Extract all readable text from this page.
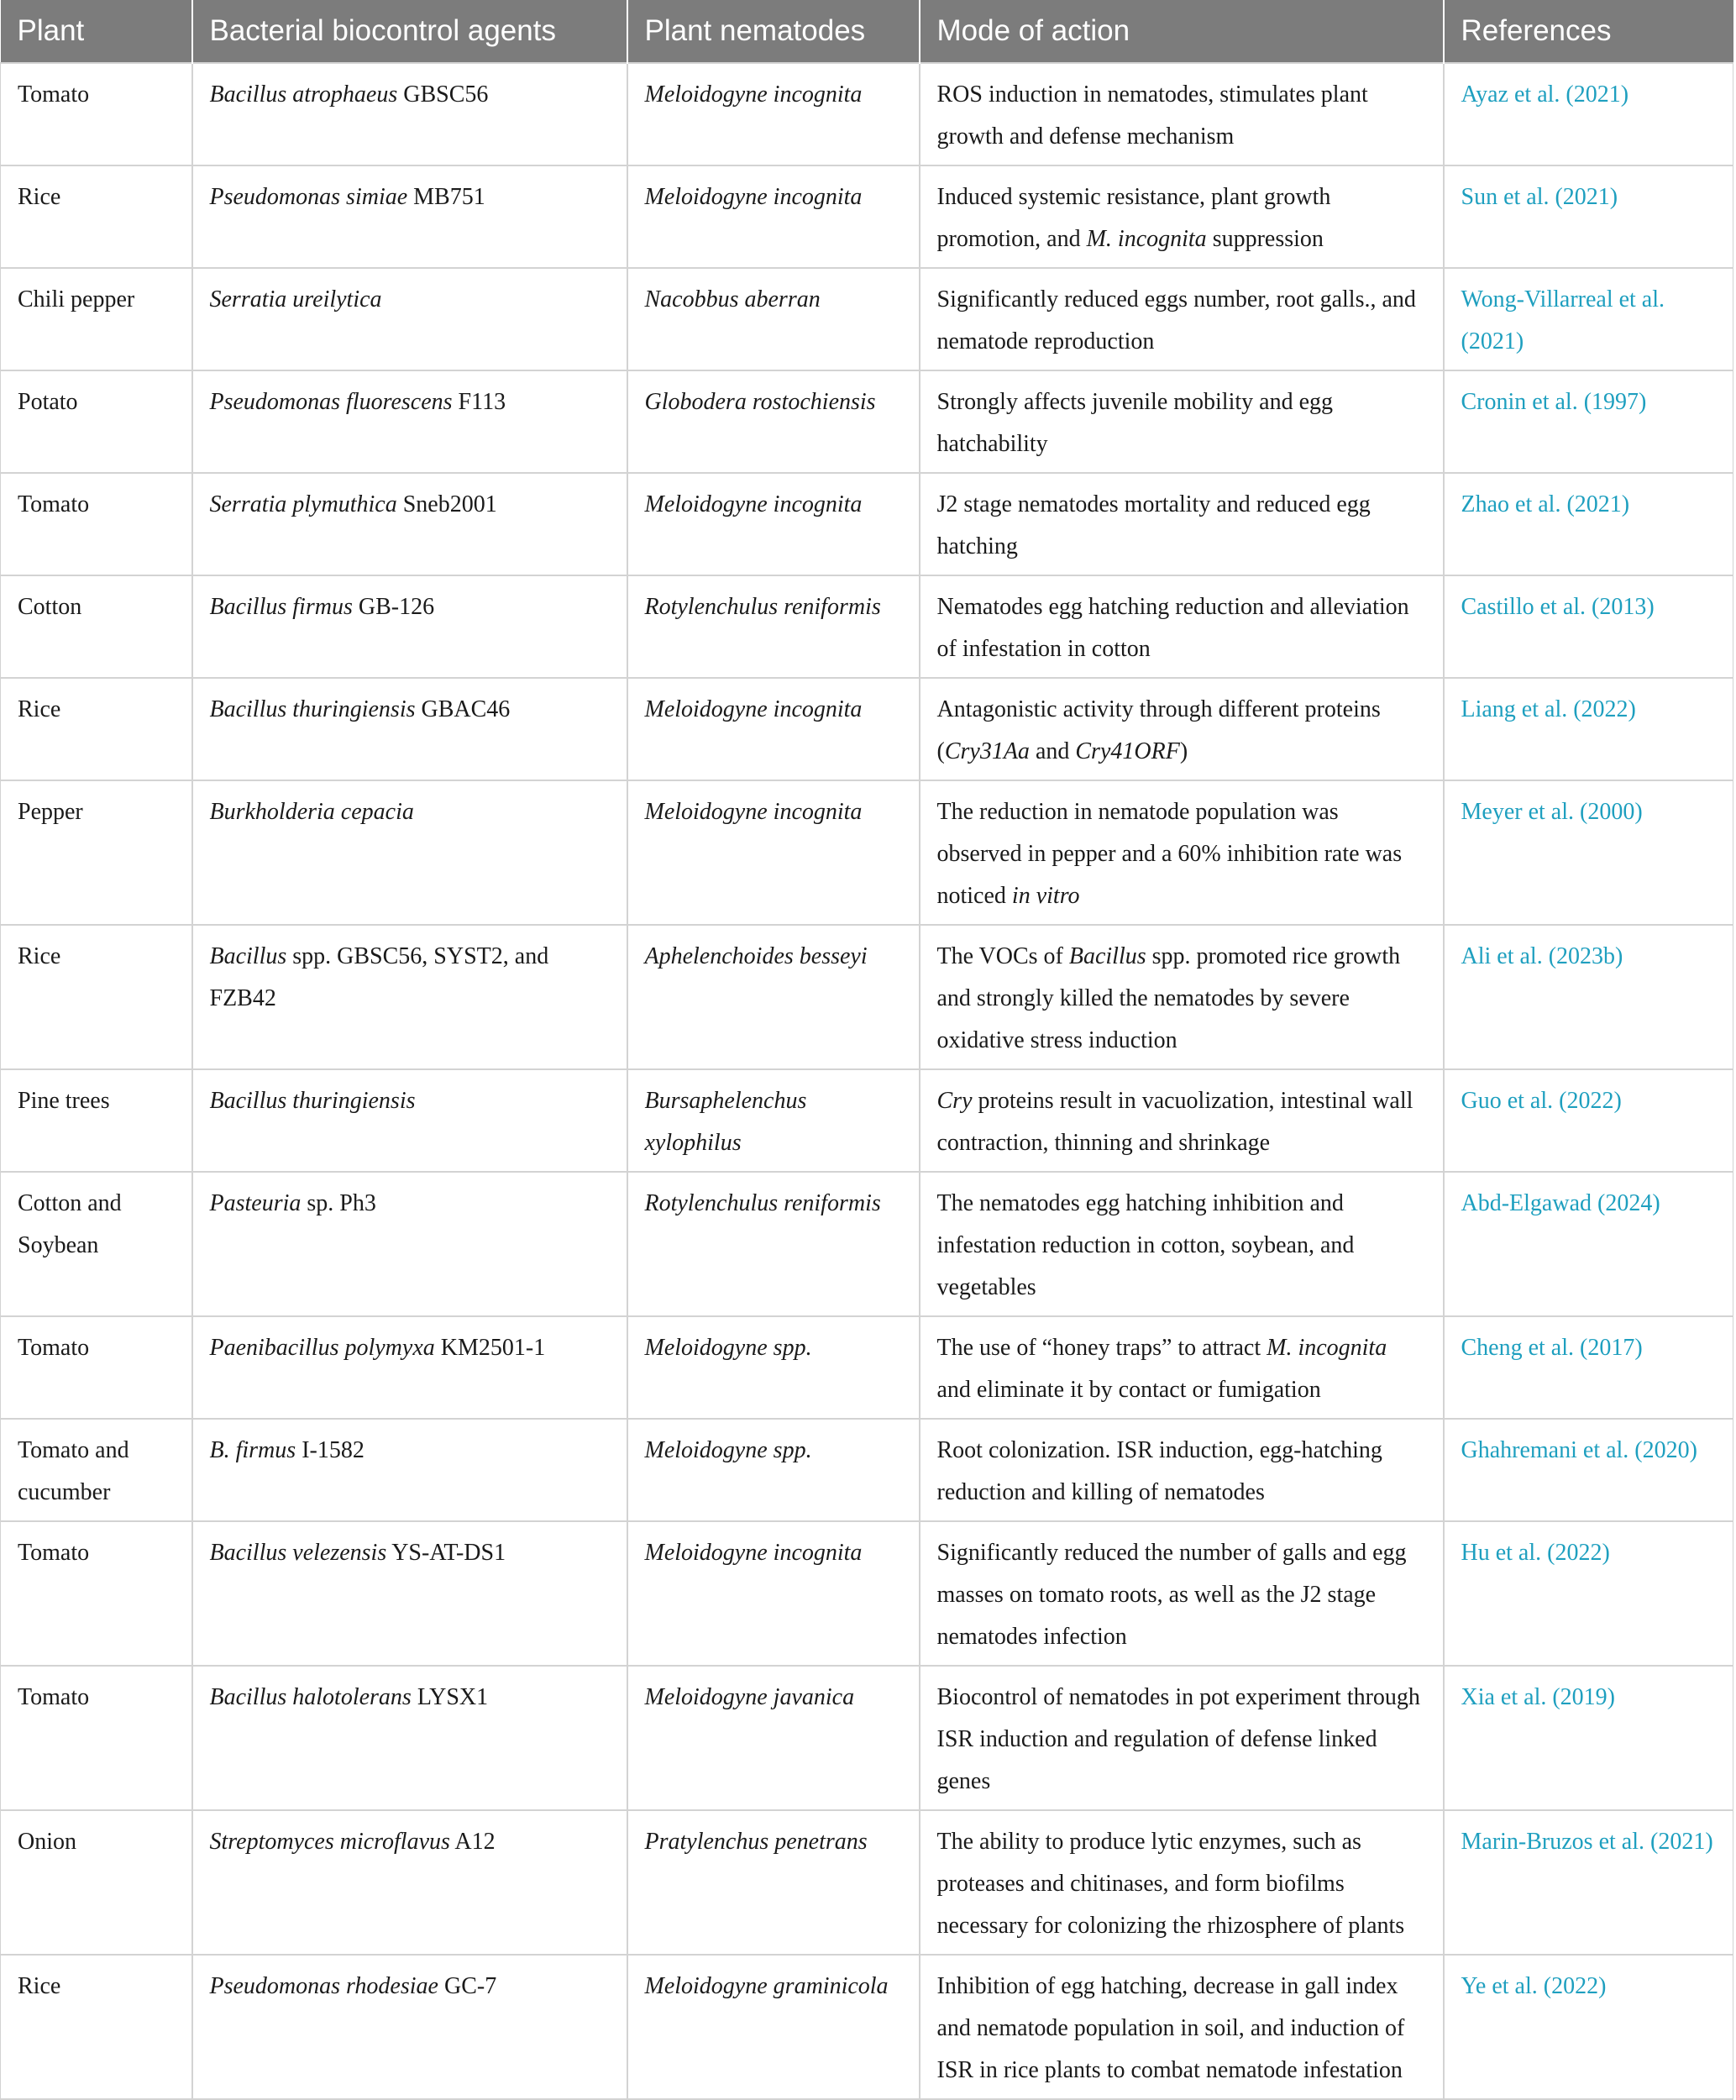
Plant	Bacterial biocontrol agents	Plant nematodes	Mode of action	References
Tomato	Bacillus atrophaeus GBSC56	Meloidogyne incognita	ROS induction in nematodes, stimulates plant growth and defense mechanism	Ayaz et al. (2021)
Rice	Pseudomonas simiae MB751	Meloidogyne incognita	Induced systemic resistance, plant growth promotion, and M. incognita suppression	Sun et al. (2021)
Chili pepper	Serratia ureilytica	Nacobbus aberran	Significantly reduced eggs number, root galls., and nematode reproduction	Wong-Villarreal et al. (2021)
Potato	Pseudomonas fluorescens F113	Globodera rostochiensis	Strongly affects juvenile mobility and egg hatchability	Cronin et al. (1997)
Tomato	Serratia plymuthica Sneb2001	Meloidogyne incognita	J2 stage nematodes mortality and reduced egg hatching	Zhao et al. (2021)
Cotton	Bacillus firmus GB-126	Rotylenchulus reniformis	Nematodes egg hatching reduction and alleviation of infestation in cotton	Castillo et al. (2013)
Rice	Bacillus thuringiensis GBAC46	Meloidogyne incognita	Antagonistic activity through different proteins (Cry31Aa and Cry41ORF)	Liang et al. (2022)
Pepper	Burkholderia cepacia	Meloidogyne incognita	The reduction in nematode population was observed in pepper and a 60% inhibition rate was noticed in vitro	Meyer et al. (2000)
Rice	Bacillus spp. GBSC56, SYST2, and FZB42	Aphelenchoides besseyi	The VOCs of Bacillus spp. promoted rice growth and strongly killed the nematodes by severe oxidative stress induction	Ali et al. (2023b)
Pine trees	Bacillus thuringiensis	Bursaphelenchus xylophilus	Cry proteins result in vacuolization, intestinal wall contraction, thinning and shrinkage	Guo et al. (2022)
Cotton and Soybean	Pasteuria sp. Ph3	Rotylenchulus reniformis	The nematodes egg hatching inhibition and infestation reduction in cotton, soybean, and vegetables	Abd-Elgawad (2024)
Tomato	Paenibacillus polymyxa KM2501-1	Meloidogyne spp.	The use of “honey traps” to attract M. incognita and eliminate it by contact or fumigation	Cheng et al. (2017)
Tomato and cucumber	B. firmus I-1582	Meloidogyne spp.	Root colonization. ISR induction, egg-hatching reduction and killing of nematodes	Ghahremani et al. (2020)
Tomato	Bacillus velezensis YS-AT-DS1	Meloidogyne incognita	Significantly reduced the number of galls and egg masses on tomato roots, as well as the J2 stage nematodes infection	Hu et al. (2022)
Tomato	Bacillus halotolerans LYSX1	Meloidogyne javanica	Biocontrol of nematodes in pot experiment through ISR induction and regulation of defense linked genes	Xia et al. (2019)
Onion	Streptomyces microflavus A12	Pratylenchus penetrans	The ability to produce lytic enzymes, such as proteases and chitinases, and form biofilms necessary for colonizing the rhizosphere of plants	Marin-Bruzos et al. (2021)
Rice	Pseudomonas rhodesiae GC-7	Meloidogyne graminicola	Inhibition of egg hatching, decrease in gall index and nematode population in soil, and induction of ISR in rice plants to combat nematode infestation	Ye et al. (2022)
